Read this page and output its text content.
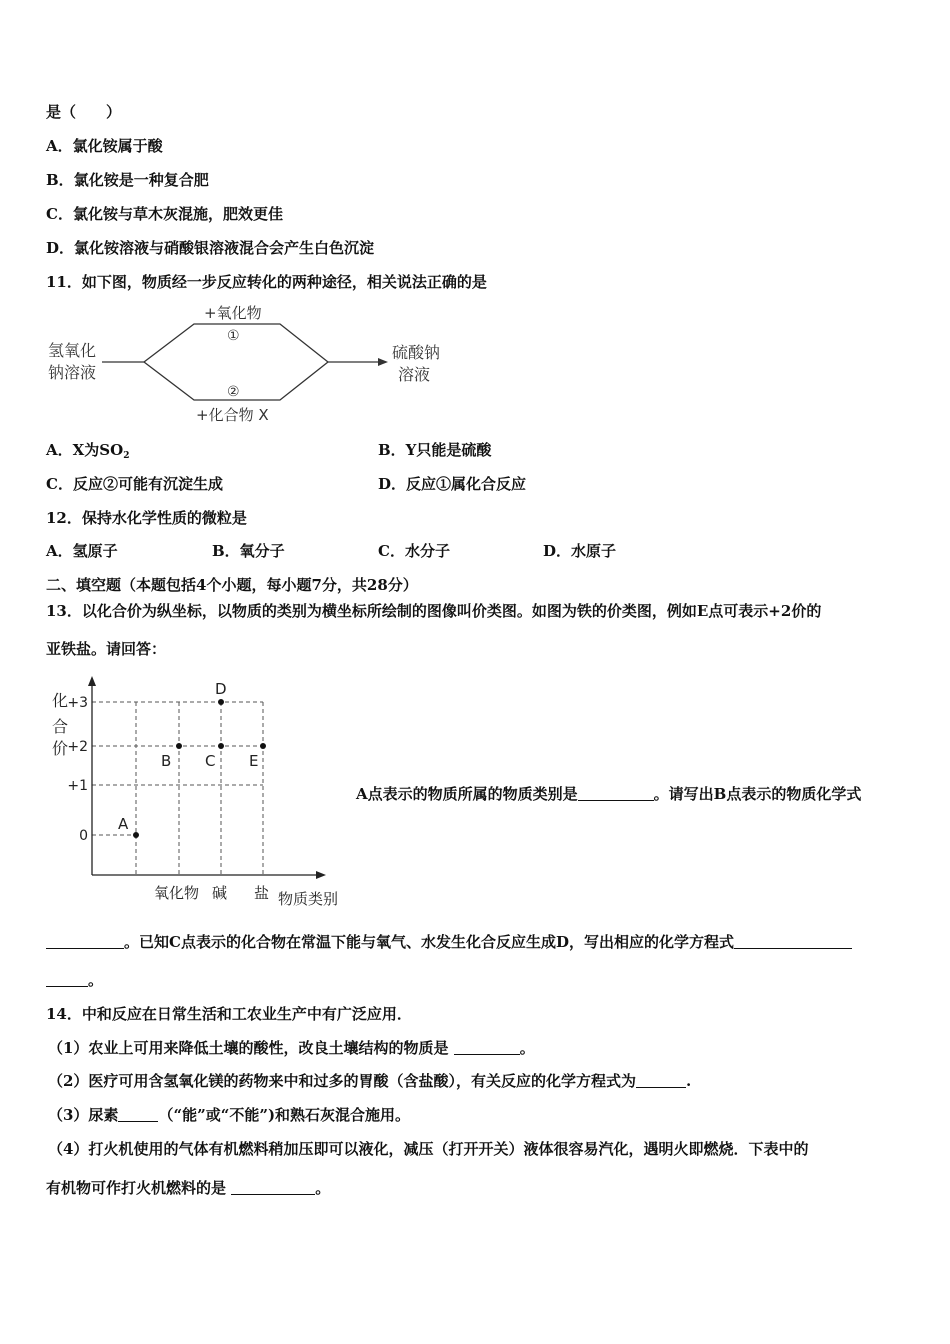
是（　　）
A．氯化铵属于酸
B．氯化铵是一种复合肥
C．氯化铵与草木灰混施，肥效更佳
D．氯化铵溶液与硝酸银溶液混合会产生白色沉淀
11．如下图，物质经一步反应转化的两种途径，相关说法正确的是
氢氧化
钠溶液
+氧化物
①
②
+化合物 X
硫酸钠
溶液
A．X为$SO_2$	B．Y只能是硫酸
C．反应②可能有沉淀生成	D．反应①属化合反应
12．保持水化学性质的微粒是
A．氢原子	B．氧分子	C．水分子	D．水原子
二、填空题（本题包括4个小题，每小题7分，共28分）
13．以化合价为纵坐标，以物质的类别为横坐标所绘制的图像叫价类图。如图为铁的价类图，例如E点可表示+2价的
亚铁盐。请回答：
化
合
价
+3
+2
+1
0
氧化物 碱 盐 物质类别
A
B C
D
E
A点表示的物质所属的物质类别是	。请写出B点表示的物质化学式
。已知C点表示的化合物在常温下能与氧气、水发生化合反应生成D，写出相应的化学方程式
。
14．中和反应在日常生活和工农业生产中有广泛应用．
（1）农业上可用来降低土壤的酸性，改良土壤结构的物质是	。
（2）医疗可用含氢氧化镁的药物来中和过多的胃酸（含盐酸），有关反应的化学方程式为	.
（3）尿素	（“能”或“不能”)和熟石灰混合施用。
（4）打火机使用的气体有机燃料稍加压即可以液化，减压（打开开关）液体很容易汽化，遇明火即燃烧．下表中的
有机物可作打火机燃料的是	。
